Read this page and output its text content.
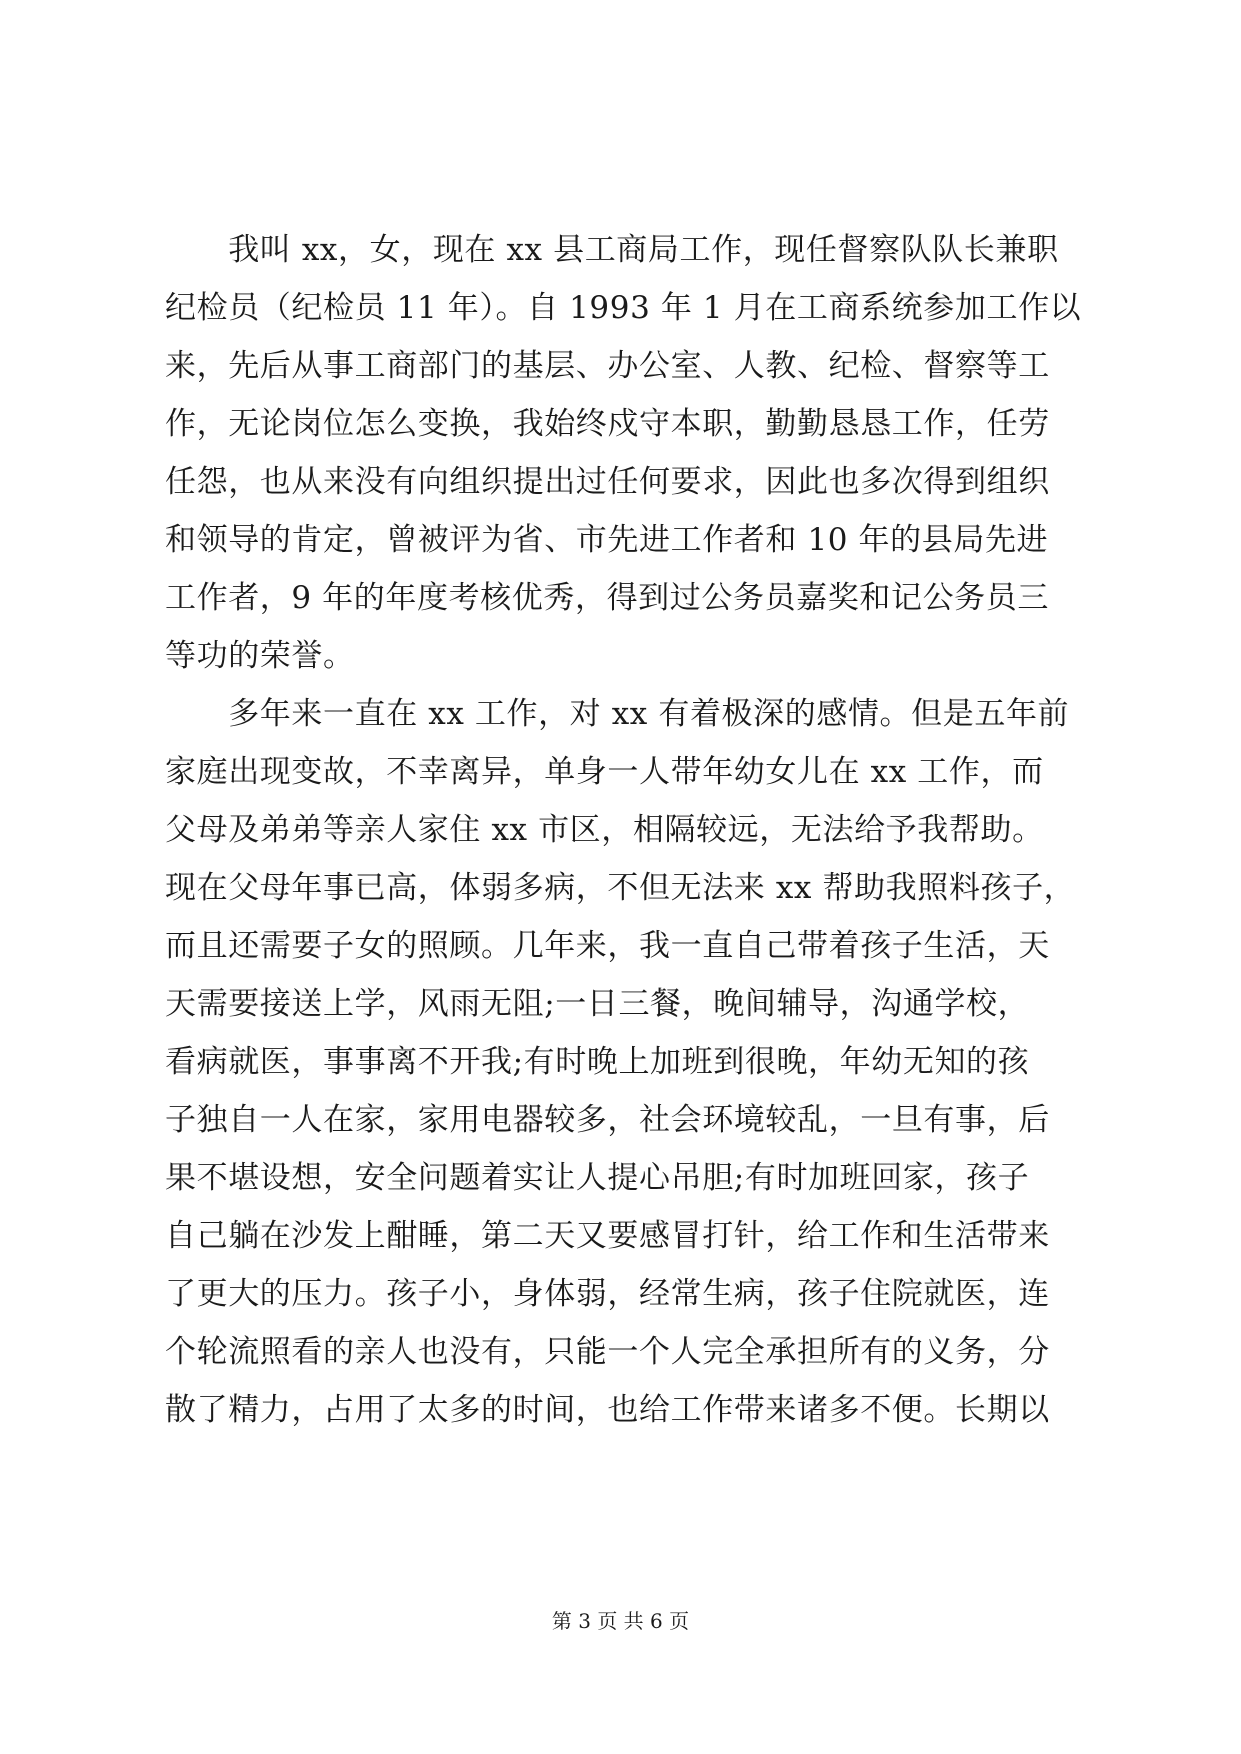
　　我叫 xx，女，现在 xx 县工商局工作，现任督察队队长兼职
纪检员（纪检员 11 年）。自 1993 年 1 月在工商系统参加工作以
来，先后从事工商部门的基层、办公室、人教、纪检、督察等工
作，无论岗位怎么变换，我始终戍守本职，勤勤恳恳工作，任劳
任怨，也从来没有向组织提出过任何要求，因此也多次得到组织
和领导的肯定，曾被评为省、市先进工作者和 10 年的县局先进
工作者，9 年的年度考核优秀，得到过公务员嘉奖和记公务员三
等功的荣誉。
　　多年来一直在 xx 工作，对 xx 有着极深的感情。但是五年前
家庭出现变故，不幸离异，单身一人带年幼女儿在 xx 工作，而
父母及弟弟等亲人家住 xx 市区，相隔较远，无法给予我帮助。
现在父母年事已高，体弱多病，不但无法来 xx 帮助我照料孩子，
而且还需要子女的照顾。几年来，我一直自己带着孩子生活，天
天需要接送上学，风雨无阻;一日三餐，晚间辅导，沟通学校，
看病就医，事事离不开我;有时晚上加班到很晚，年幼无知的孩
子独自一人在家，家用电器较多，社会环境较乱，一旦有事，后
果不堪设想，安全问题着实让人提心吊胆;有时加班回家，孩子
自己躺在沙发上酣睡，第二天又要感冒打针，给工作和生活带来
了更大的压力。孩子小，身体弱，经常生病，孩子住院就医，连
个轮流照看的亲人也没有，只能一个人完全承担所有的义务，分
散了精力，占用了太多的时间，也给工作带来诸多不便。长期以
第 3 页 共 6 页
